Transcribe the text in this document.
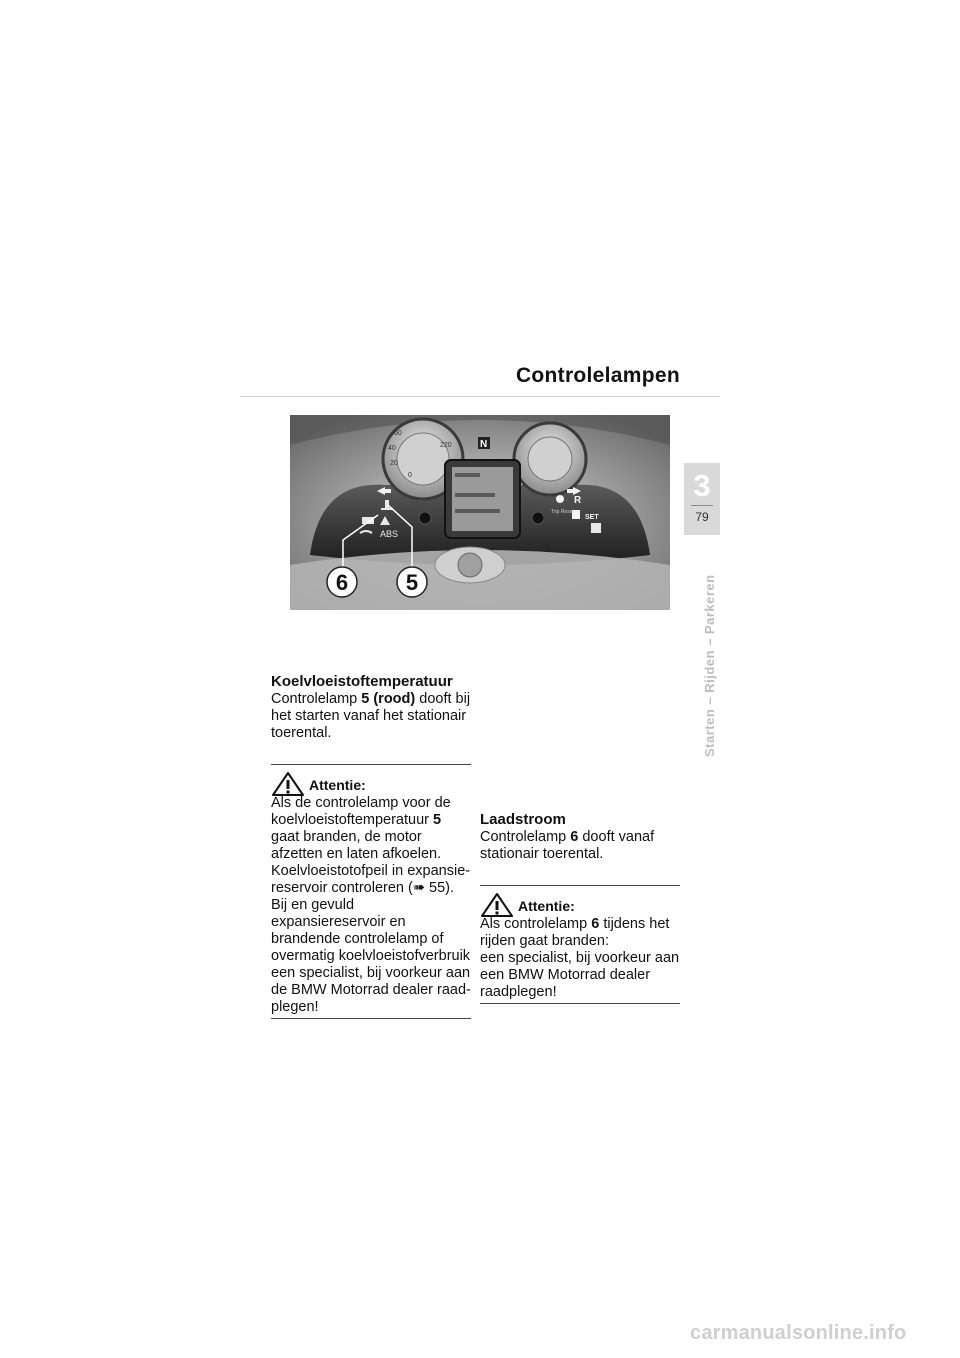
Controlelampen
3
79
Starten – Rijden – Parkeren
0
20
40
60
220	N
ABS
R
SET
Trip Reset
6	5
Koelvloeistoftemperatuur

Controlelamp 5 (rood) dooft bij het starten vanaf het stationair toerental.

Attentie:

Als de controlelamp voor de koelvloeistoftemperatuur 5 gaat branden, de motor afzetten en laten afkoelen.

Koelvloeistotofpeil in expansiereservoir controleren (➠ 55).

Bij en gevuld expansiereservoir en brandende controlelamp of overmatig koelvloeistofverbruik een specialist, bij voorkeur aan de BMW Motorrad dealer raadplegen!

Laadstroom

Controlelamp 6 dooft vanaf stationair toerental.

Attentie:

Als controlelamp 6 tijdens het rijden gaat branden:

een specialist, bij voorkeur aan een BMW Motorrad dealer raadplegen!

carmanualsonline.info
